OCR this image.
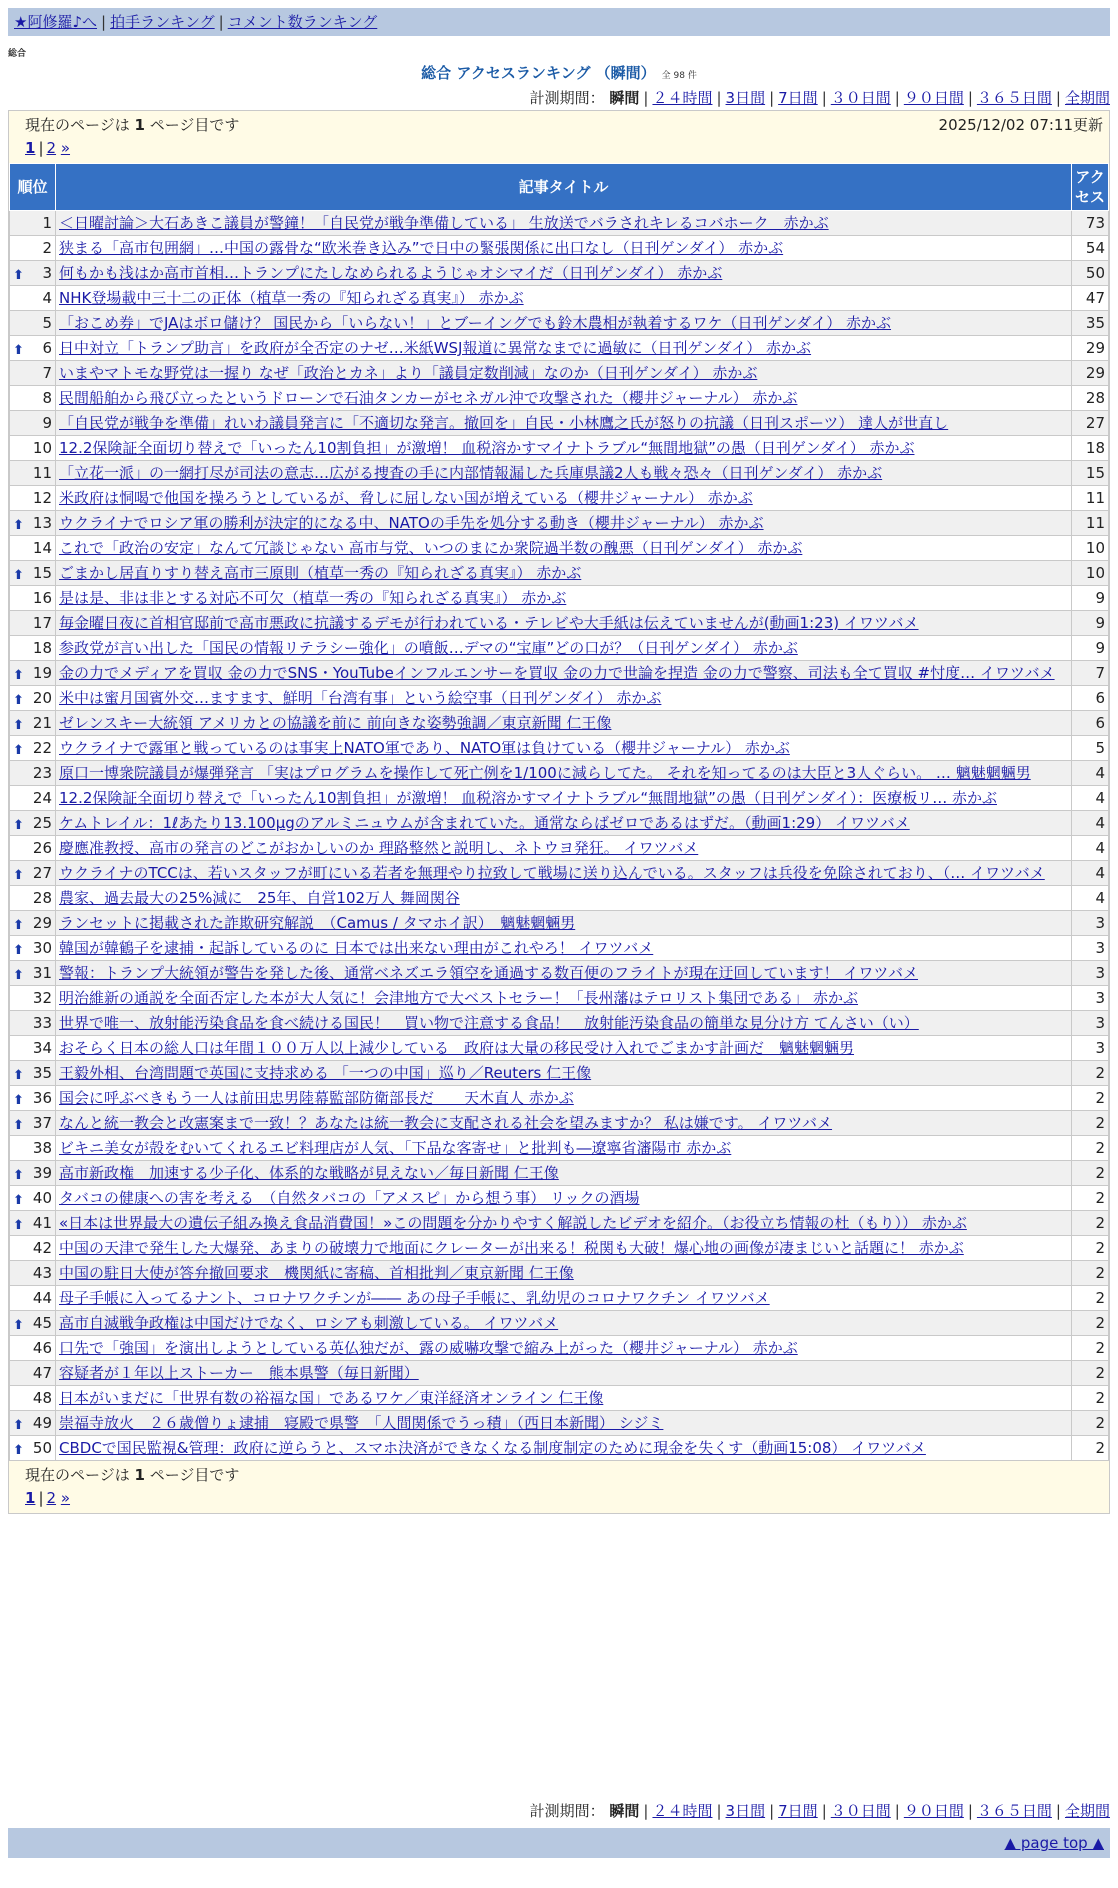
★阿修羅♪へ | 拍手ランキング | コメント数ランキング
総合
総合 アクセスランキング （瞬間） 全 98 件
計測期間： 瞬間 | ２４時間 | 3日間 | 7日間 | ３０日間 | ９０日間 | ３６５日間 | 全期間
現在のページは 1 ページ目です
1 | 2 »
2025/12/02 07:11更新
順位	記事タイトル	アクセス
1	＜日曜討論＞大石あきこ議員が警鐘！「自民党が戦争準備している」 生放送でバラされキレるコバホーク　赤かぶ	73
2	狭まる「高市包囲網」…中国の露骨な“欧米巻き込み”で日中の緊張関係に出口なし（日刊ゲンダイ） 赤かぶ	54

⬆ 3	何もかも浅はか高市首相…トランプにたしなめられるようじゃオシマイだ（日刊ゲンダイ） 赤かぶ	50
4	NHK登場載中三十二の正体（植草一秀の『知られざる真実』） 赤かぶ	47
5	「おこめ券」でJAはボロ儲け？ 国民から「いらない！」とブーイングでも鈴木農相が執着するワケ（日刊ゲンダイ） 赤かぶ	35

⬆ 6	日中対立「トランプ助言」を政府が全否定のナゼ…米紙WSJ報道に異常なまでに過敏に（日刊ゲンダイ） 赤かぶ	29
7	いまやマトモな野党は一握り なぜ「政治とカネ」より「議員定数削減」なのか（日刊ゲンダイ） 赤かぶ	29
8	民間船舶から飛び立ったというドローンで石油タンカーがセネガル沖で攻撃された（櫻井ジャーナル） 赤かぶ	28
9	「自民党が戦争を準備」れいわ議員発言に「不適切な発言。撤回を」自民・小林鷹之氏が怒りの抗議（日刊スポーツ） 達人が世直し	27
10	12.2保険証全面切り替えで「いったん10割負担」が激増！ 血税溶かすマイナトラブル“無間地獄”の愚（日刊ゲンダイ） 赤かぶ	18
11	「立花一派」の一網打尽が司法の意志…広がる捜査の手に内部情報漏した兵庫県議2人も戦々恐々（日刊ゲンダイ） 赤かぶ	15
12	米政府は恫喝で他国を操ろうとしているが、脅しに屈しない国が増えている（櫻井ジャーナル） 赤かぶ	11

⬆ 13	ウクライナでロシア軍の勝利が決定的になる中、NATOの手先を処分する動き（櫻井ジャーナル） 赤かぶ	11
14	これで「政治の安定」なんて冗談じゃない 高市与党、いつのまにか衆院過半数の醜悪（日刊ゲンダイ） 赤かぶ	10

⬆ 15	ごまかし居直りすり替え高市三原則（植草一秀の『知られざる真実』） 赤かぶ	10
16	是は是、非は非とする対応不可欠（植草一秀の『知られざる真実』） 赤かぶ	9
17	毎金曜日夜に首相官邸前で高市悪政に抗議するデモが行われている・テレビや大手紙は伝えていませんが(動画1:23) イワツバメ	9
18	参政党が言い出した「国民の情報リテラシー強化」の噴飯…デマの“宝庫”どの口が？（日刊ゲンダイ） 赤かぶ	9

⬆ 19	金の力でメディアを買収 金の力でSNS・YouTubeインフルエンサーを買収 金の力で世論を捏造 金の力で警察、司法も全て買収 #忖度… イワツバメ	7

⬆ 20	米中は蜜月国賓外交…ますます、鮮明「台湾有事」という絵空事（日刊ゲンダイ） 赤かぶ	6

⬆ 21	ゼレンスキー大統領 アメリカとの協議を前に 前向きな姿勢強調／東京新聞 仁王像	6

⬆ 22	ウクライナで露軍と戦っているのは事実上NATO軍であり、NATO軍は負けている（櫻井ジャーナル） 赤かぶ	5
23	原口一博衆院議員が爆弾発言 「実はプログラムを操作して死亡例を1/100に減らしてた。 それを知ってるのは大臣と3人ぐらい。 … 魑魅魍魎男	4
24	12.2保険証全面切り替えで「いったん10割負担」が激増！ 血税溶かすマイナトラブル“無間地獄”の愚（日刊ゲンダイ）：医療板リ… 赤かぶ	4

⬆ 25	ケムトレイル：1ℓあたり13.100μgのアルミニュウムが含まれていた。通常ならばゼロであるはずだ。（動画1:29） イワツバメ	4
26	慶應准教授、高市の発言のどこがおかしいのか 理路整然と説明し、ネトウヨ発狂。 イワツバメ	4

⬆ 27	ウクライナのTCCは、若いスタッフが町にいる若者を無理やり拉致して戦場に送り込んでいる。スタッフは兵役を免除されており、（… イワツバメ	4
28	農家、過去最大の25%減に　25年、自営102万人 舞岡関谷	4

⬆ 29	ランセットに掲載された詐欺研究解説　（Camus / タマホイ訳）　魑魅魍魎男	3

⬆ 30	韓国が韓鶴子を逮捕・起訴しているのに 日本では出来ない理由がこれやろ！ イワツバメ	3

⬆ 31	警報：トランプ大統領が警告を発した後、通常ベネズエラ領空を通過する数百便のフライトが現在迂回しています！ イワツバメ	3
32	明治維新の通説を全面否定した本が大人気に！会津地方で大ベストセラー！「長州藩はテロリスト集団である」 赤かぶ	3
33	世界で唯一、放射能汚染食品を食べ続ける国民！　買い物で注意する食品！　放射能汚染食品の簡単な見分け方 てんさい（い）	3
34	おそらく日本の総人口は年間１００万人以上減少している　政府は大量の移民受け入れでごまかす計画だ　魑魅魍魎男	3

⬆ 35	王毅外相、台湾問題で英国に支持求める 「一つの中国」巡り／Reuters 仁王像	2

⬆ 36	国会に呼ぶべきもう一人は前田忠男陸幕監部防衛部長だ　　天木直人 赤かぶ	2

⬆ 37	なんと統一教会と改憲案まで一致！？あなたは統一教会に支配される社会を望みますか？ 私は嫌です。 イワツバメ	2
38	ビキニ美女が殻をむいてくれるエビ料理店が人気、「下品な客寄せ」と批判も―遼寧省瀋陽市 赤かぶ	2

⬆ 39	高市新政権　加速する少子化、体系的な戦略が見えない／毎日新聞 仁王像	2

⬆ 40	タバコの健康への害を考える　（自然タバコの「アメスピ」から想う事） リックの酒場	2

⬆ 41	«日本は世界最大の遺伝子組み換え食品消費国！»この問題を分かりやすく解説したビデオを紹介。（お役立ち情報の杜（もり）） 赤かぶ	2
42	中国の天津で発生した大爆発、あまりの破壊力で地面にクレーターが出来る！税関も大破！爆心地の画像が凄まじいと話題に！ 赤かぶ	2
43	中国の駐日大使が答弁撤回要求　機関紙に寄稿、首相批判／東京新聞 仁王像	2
44	母子手帳に入ってるナント、コロナワクチンが―― あの母子手帳に、乳幼児のコロナワクチン イワツバメ	2

⬆ 45	高市自滅戦争政権は中国だけでなく、ロシアも刺激している。 イワツバメ	2
46	口先で「強国」を演出しようとしている英仏独だが、露の威嚇攻撃で縮み上がった（櫻井ジャーナル） 赤かぶ	2
47	容疑者が１年以上ストーカー　熊本県警（毎日新聞）	2
48	日本がいまだに「世界有数の裕福な国」であるワケ／東洋経済オンライン 仁王像	2

⬆ 49	崇福寺放火　２６歳僧りょ逮捕　寝殿で県警　「人間関係でうっ積」（西日本新聞） シジミ	2

⬆ 50	CBDCで国民監視&管理：政府に逆らうと、スマホ決済ができなくなる制度制定のために現金を失くす（動画15:08） イワツバメ	2
現在のページは 1 ページ目です
1 | 2 »
計測期間： 瞬間 | ２４時間 | 3日間 | 7日間 | ３０日間 | ９０日間 | ３６５日間 | 全期間
▲ page top ▲
